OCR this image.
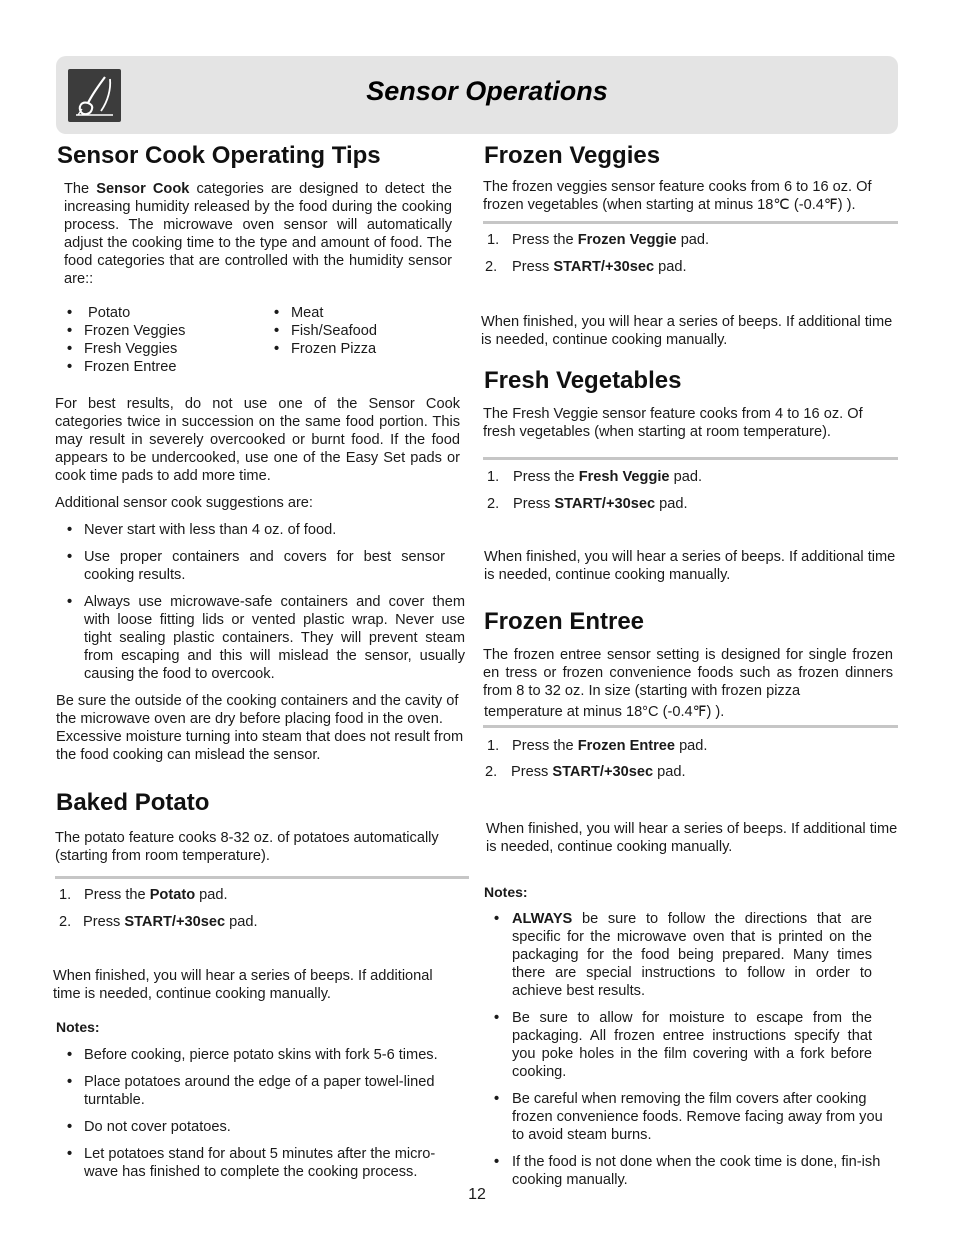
Sensor Operations
Sensor Cook Operating Tips

The Sensor Cook categories are designed to detect the increasing humidity released by the food during the cooking process. The microwave oven sensor will automatically adjust the cooking time to the type and amount of food. The food categories that are controlled with the humidity sensor are::

•	Potato
• Frozen Veggies
• Fresh Veggies
• Frozen Entree
• Meat
• Fish/Seafood
• Frozen Pizza

For best results, do not use one of the Sensor Cook categories twice in succession on the same food portion. This may result in severely overcooked or burnt food. If the food appears to be undercooked, use one of the Easy Set pads or cook time pads to add more time.

Additional sensor cook suggestions are:

• Never start with less than 4 oz. of food.
• Use proper containers and covers for best sensor cooking results.
• Always use microwave-safe containers and cover them with loose fitting lids or vented plastic wrap. Never use tight sealing plastic containers. They will prevent steam from escaping and this will mislead the sensor, usually causing the food to overcook.

Be sure the outside of the cooking containers and the cavity of the microwave oven are dry before placing food in the oven. Excessive moisture turning into steam that does not result from the food cooking can mislead the sensor.

Baked Potato

The potato feature cooks 8-32 oz. of potatoes automatically (starting from room temperature).

1. Press the Potato pad.
2. Press START/+30sec pad.

When finished, you will hear a series of beeps. If additional time is needed, continue cooking manually.

Notes:
• Before cooking, pierce potato skins with fork 5-6 times.
• Place potatoes around the edge of a paper towel-lined turntable.
• Do not cover potatoes.
• Let potatoes stand for about 5 minutes after the micro-wave has finished to complete the cooking process.
Frozen Veggies

The frozen veggies sensor feature cooks from 6 to 16 oz. Of frozen vegetables (when starting at minus 18℃ (-0.4℉) ).

1. Press the Frozen Veggie pad.
2. Press START/+30sec pad.

When finished, you will hear a series of beeps. If additional time is needed, continue cooking manually.

Fresh Vegetables

The Fresh Veggie sensor feature cooks from 4 to 16 oz. Of fresh vegetables (when starting at room temperature).

1. Press the Fresh Veggie pad.
2. Press START/+30sec pad.

When finished, you will hear a series of beeps. If additional time is needed, continue cooking manually.

Frozen Entree

The frozen entree sensor setting is designed for single frozen en tress or frozen convenience foods such as frozen dinners from 8 to 32 oz. In size (starting with frozen pizza

temperature at minus 18°C (-0.4℉) ).

1. Press the Frozen Entree pad.
2. Press START/+30sec pad.

When finished, you will hear a series of beeps. If additional time is needed, continue cooking manually.

Notes:
• ALWAYS be sure to follow the directions that are specific for the microwave oven that is printed on the packaging for the food being prepared. Many times there are special instructions to follow in order to achieve best results.
• Be sure to allow for moisture to escape from the packaging. All frozen entree instructions specify that you poke holes in the film covering with a fork before cooking.
• Be careful when removing the film covers after cooking frozen convenience foods. Remove facing away from you to avoid steam burns.
• If the food is not done when the cook time is done, fin-ish cooking manually.
12
